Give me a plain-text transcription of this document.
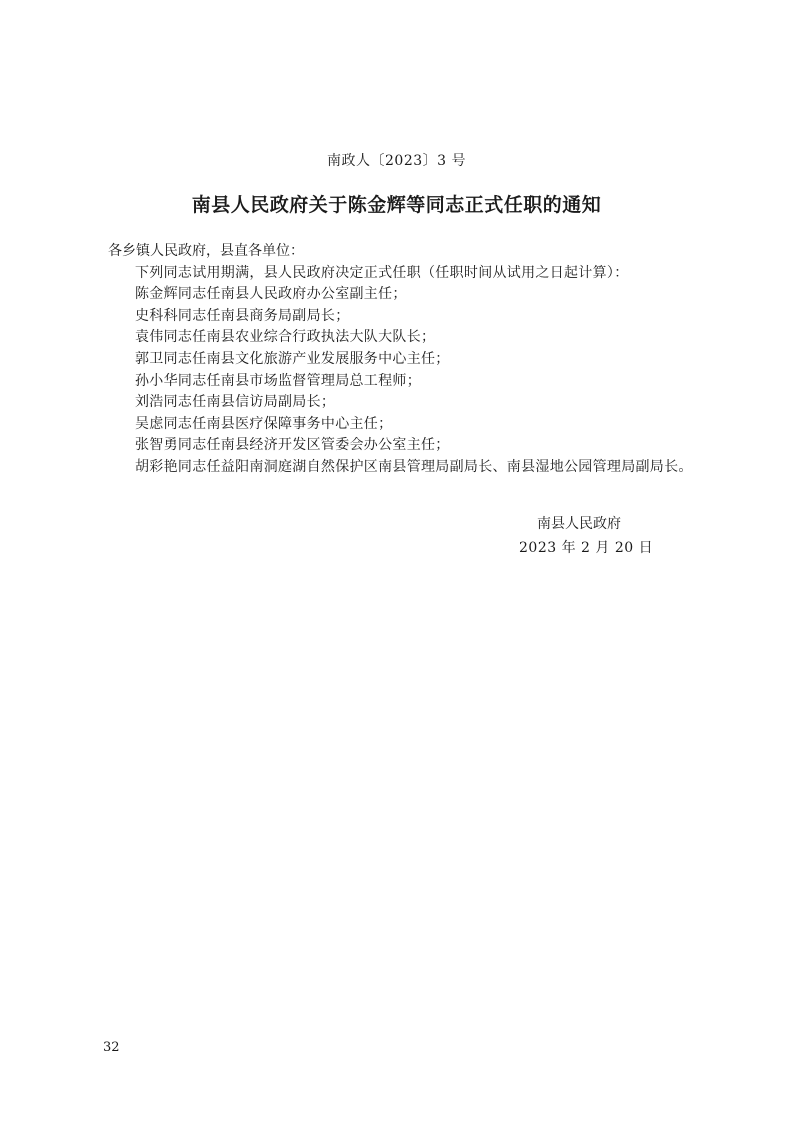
南政人〔2023〕3 号
南县人民政府关于陈金辉等同志正式任职的通知
各乡镇人民政府，县直各单位：
下列同志试用期满，县人民政府决定正式任职（任职时间从试用之日起计算）：
陈金辉同志任南县人民政府办公室副主任；
史科科同志任南县商务局副局长；
袁伟同志任南县农业综合行政执法大队大队长；
郭卫同志任南县文化旅游产业发展服务中心主任；
孙小华同志任南县市场监督管理局总工程师；
刘浩同志任南县信访局副局长；
吴虑同志任南县医疗保障事务中心主任；
张智勇同志任南县经济开发区管委会办公室主任；
胡彩艳同志任益阳南洞庭湖自然保护区南县管理局副局长、南县湿地公园管理局副局长。
南县人民政府
2023 年 2 月 20 日
32
